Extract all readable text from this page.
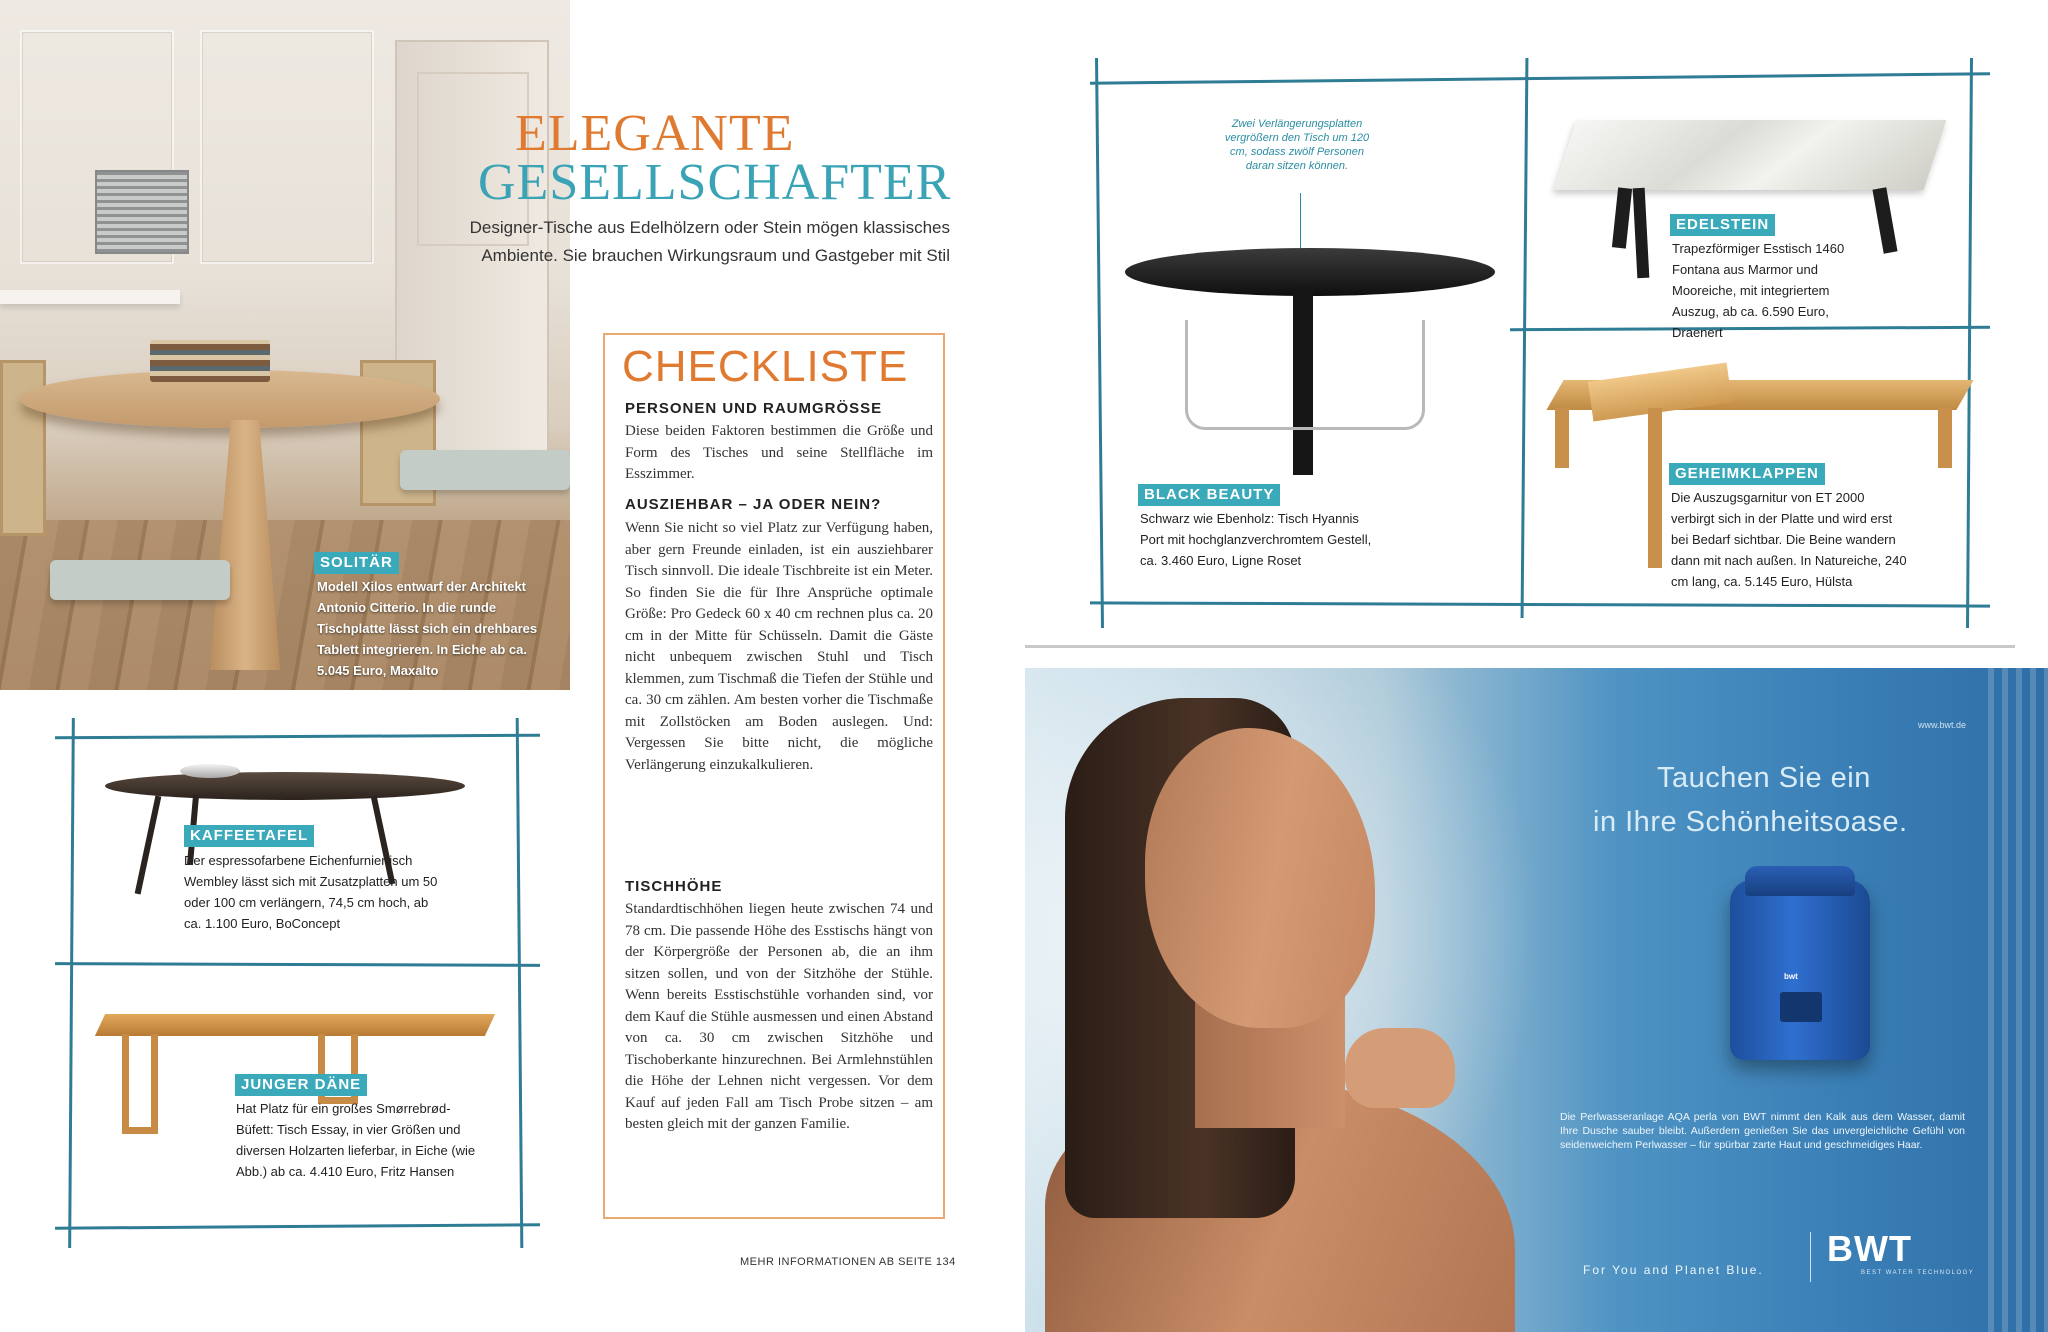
SOLITÄR
Modell Xilos entwarf der Architekt Antonio Citterio. In die runde Tischplatte lässt sich ein drehbares Tablett integrieren. In Eiche ab ca. 5.045 Euro, Maxalto
ELEGANTE
GESELLSCHAFTER
Designer-Tische aus Edelhölzern oder Stein mögen klassisches Ambiente. Sie brauchen Wirkungsraum und Gastgeber mit Stil
KAFFEETAFEL
Der espressofarbene Eichenfurniertisch Wembley lässt sich mit Zusatzplatten um 50 oder 100 cm verlängern, 74,5 cm hoch, ab ca. 1.100 Euro, BoConcept
JUNGER DÄNE
Hat Platz für ein großes Smørrebrød-Büfett: Tisch Essay, in vier Größen und diversen Holzarten lieferbar, in Eiche (wie Abb.) ab ca. 4.410 Euro, Fritz Hansen
CHECKLISTE
PERSONEN UND RAUMGRÖSSE
Diese beiden Faktoren bestimmen die Größe und Form des Tisches und seine Stellfläche im Esszimmer.
AUSZIEHBAR – JA ODER NEIN?
Wenn Sie nicht so viel Platz zur Verfügung haben, aber gern Freunde einladen, ist ein ausziehbarer Tisch sinnvoll. Die ideale Tischbreite ist ein Meter. So finden Sie die für Ihre Ansprüche optimale Größe: Pro Gedeck 60 x 40 cm rechnen plus ca. 20 cm in der Mitte für Schüsseln. Damit die Gäste nicht unbequem zwischen Stuhl und Tisch klemmen, zum Tischmaß die Tiefen der Stühle und ca. 30 cm zählen. Am besten vorher die Tischmaße mit Zollstöcken am Boden auslegen. Und: Vergessen Sie bitte nicht, die mögliche Verlängerung einzukalkulieren.
TISCHHÖHE
Standardtischhöhen liegen heute zwischen 74 und 78 cm. Die passende Höhe des Esstischs hängt von der Körpergröße der Personen ab, die an ihm sitzen sollen, und von der Sitzhöhe der Stühle. Wenn bereits Esstischstühle vorhanden sind, vor dem Kauf die Stühle ausmessen und einen Abstand von ca. 30 cm zwischen Sitzhöhe und Tischoberkante hinzurechnen. Bei Armlehnstühlen die Höhe der Lehnen nicht vergessen. Vor dem Kauf auf jeden Fall am Tisch Probe sitzen – am besten gleich mit der ganzen Familie.
MEHR INFORMATIONEN AB SEITE 134
Zwei Verlängerungsplatten vergrößern den Tisch um 120 cm, sodass zwölf Personen daran sitzen können.
BLACK BEAUTY
Schwarz wie Ebenholz: Tisch Hyannis Port mit hochglanzverchromtem Gestell, ca. 3.460 Euro, Ligne Roset
EDELSTEIN
Trapezförmiger Esstisch 1460 Fontana aus Marmor und Mooreiche, mit integriertem Auszug, ab ca. 6.590 Euro, Draenert
GEHEIMKLAPPEN
Die Auszugsgarnitur von ET 2000 verbirgt sich in der Platte und wird erst bei Bedarf sichtbar. Die Beine wandern dann mit nach außen. In Natureiche, 240 cm lang, ca. 5.145 Euro, Hülsta
www.bwt.de
Tauchen Sie ein
in Ihre Schönheitsoase.
bwt
Die Perlwasseranlage AQA perla von BWT nimmt den Kalk aus dem Wasser, damit Ihre Dusche sauber bleibt. Außerdem genießen Sie das unvergleichliche Gefühl von seidenweichem Perlwasser – für spürbar zarte Haut und geschmeidiges Haar.
For You and Planet Blue.
BWT
BEST WATER TECHNOLOGY
